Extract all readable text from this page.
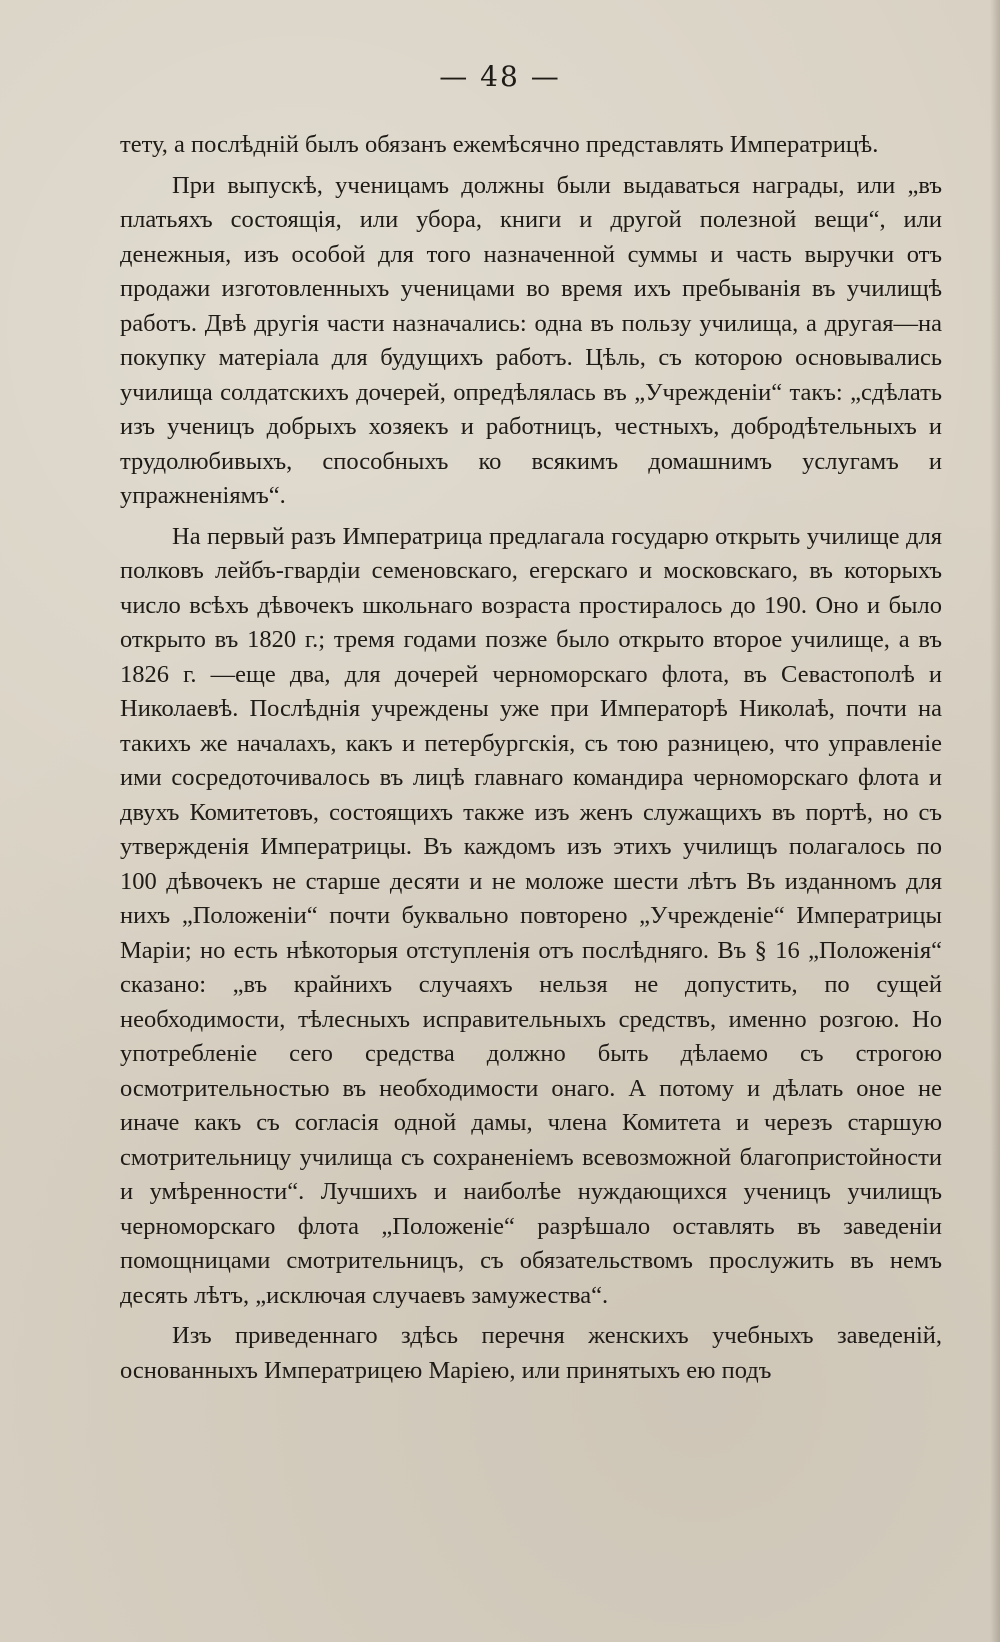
— 48 —

тету, а послѣдній былъ обязанъ ежемѣсячно представлять Императрицѣ.

При выпускѣ, ученицамъ должны были выдаваться награды, или „въ платьяхъ состоящія, или убора, книги и другой полезной вещи“, или денежныя, изъ особой для того назначенной суммы и часть выручки отъ продажи изготовленныхъ ученицами во время ихъ пребыванія въ училищѣ работъ. Двѣ другія части назначались: одна въ пользу училища, а другая—на покупку матеріала для будущихъ работъ. Цѣль, съ которою основывались училища солдатскихъ дочерей, опредѣлялась въ „Учрежденіи“ такъ: „сдѣлать изъ ученицъ добрыхъ хозяекъ и работницъ, честныхъ, добродѣтельныхъ и трудолюбивыхъ, способныхъ ко всякимъ домашнимъ услугамъ и упражненіямъ“.

На первый разъ Императрица предлагала государю открыть училище для полковъ лейбъ-гвардіи семеновскаго, егерскаго и московскаго, въ которыхъ число всѣхъ дѣвочекъ школьнаго возраста простиралось до 190. Оно и было открыто въ 1820 г.; тремя годами позже было открыто второе училище, а въ 1826 г. —еще два, для дочерей черноморскаго флота, въ Севастополѣ и Николаевѣ. Послѣднія учреждены уже при Императорѣ Николаѣ, почти на такихъ же началахъ, какъ и петербургскія, съ тою разницею, что управленіе ими сосредоточивалось въ лицѣ главнаго командира черноморскаго флота и двухъ Комитетовъ, состоящихъ также изъ женъ служащихъ въ портѣ, но съ утвержденія Императрицы. Въ каждомъ изъ этихъ училищъ полагалось по 100 дѣвочекъ не старше десяти и не моложе шести лѣтъ Въ изданномъ для нихъ „Положеніи“ почти буквально повторено „Учрежденіе“ Императрицы Маріи; но есть нѣкоторыя отступленія отъ послѣдняго. Въ § 16 „Положенія“ сказано: „въ крайнихъ случаяхъ нельзя не допустить, по сущей необходимости, тѣлесныхъ исправительныхъ средствъ, именно розгою. Но употребленіе сего средства должно быть дѣлаемо съ строгою осмотрительностью въ необходимости онаго. А потому и дѣлать оное не иначе какъ съ согласія одной дамы, члена Комитета и черезъ старшую смотрительницу училища съ сохраненіемъ всевозможной благопристойности и умѣренности“. Лучшихъ и наиболѣе нуждающихся ученицъ училищъ черноморскаго флота „Положеніе“ разрѣшало оставлять въ заведеніи помощницами смотрительницъ, съ обязательствомъ прослужить въ немъ десять лѣтъ, „исключая случаевъ замужества“.

Изъ приведеннаго здѣсь перечня женскихъ учебныхъ заведеній, основанныхъ Императрицею Маріею, или принятыхъ ею подъ
